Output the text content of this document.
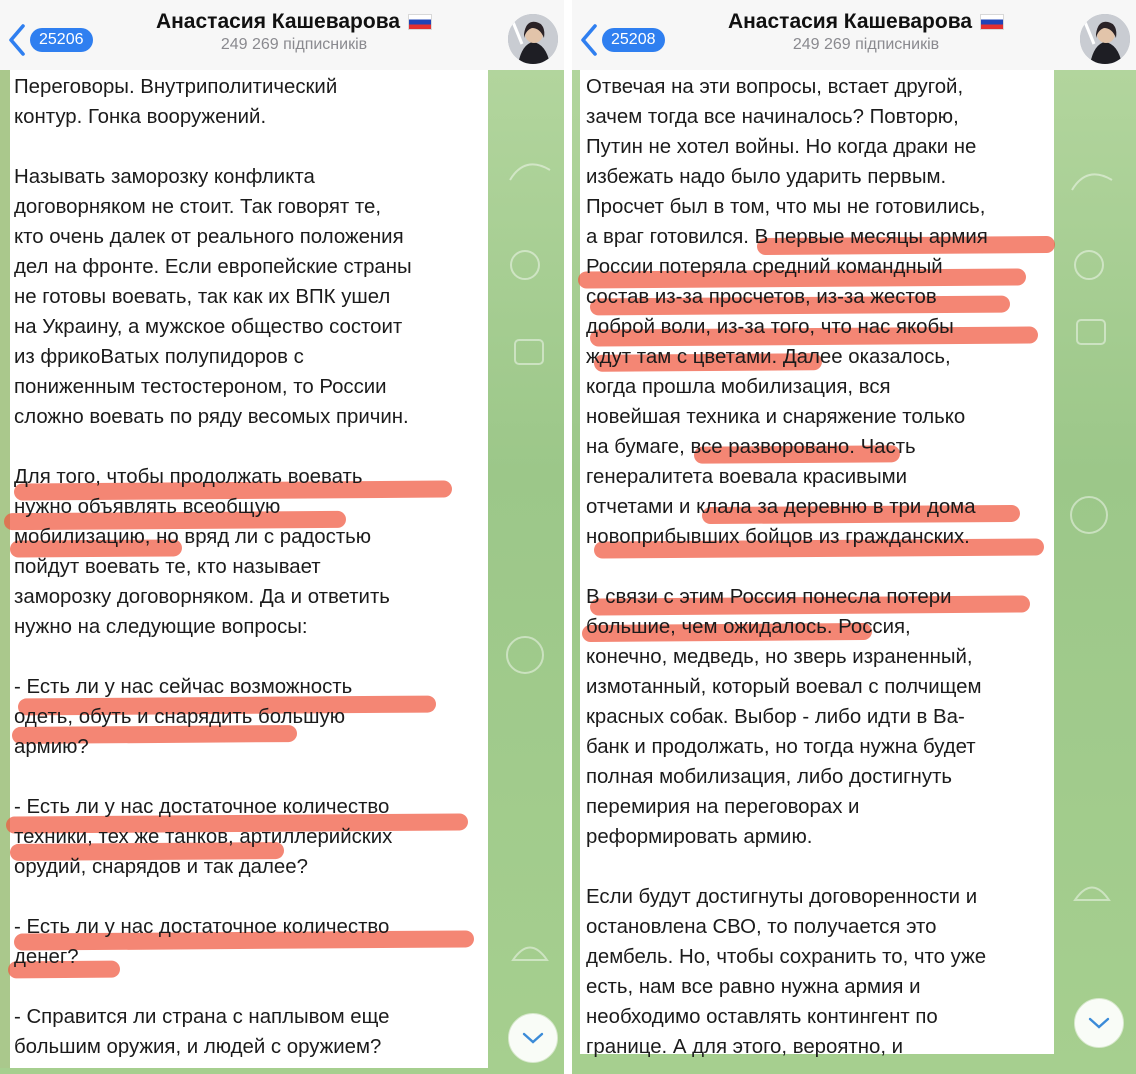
Переговоры. Внутриполитический
контур. Гонка вооружений.
Называть заморозку конфликта
договорняком не стоит. Так говорят те,
кто очень далек от реального положения
дел на фронте. Если европейские страны
не готовы воевать, так как их ВПК ушел
на Украину, а мужское общество состоит
из фрикоВатых полупидоров с
пониженным тестостероном, то России
сложно воевать по ряду весомых причин.
Для того, чтобы продолжать воевать
нужно объявлять всеобщую
мобилизацию, но вряд ли с радостью
пойдут воевать те, кто называет
заморозку договорняком. Да и ответить
нужно на следующие вопросы:
- Есть ли у нас сейчас возможность
одеть, обуть и снарядить большую
армию?
- Есть ли у нас достаточное количество
техники, тех же танков, артиллерийских
орудий, снарядов и так далее?
- Есть ли у нас достаточное количество
денег?
- Справится ли страна с наплывом еще
большим оружия, и людей с оружием?
25206
Анастасия Кашеварова
249 269 підписників
Отвечая на эти вопросы, встает другой,
зачем тогда все начиналось? Повторю,
Путин не хотел войны. Но когда драки не
избежать надо было ударить первым.
Просчет был в том, что мы не готовились,
а враг готовился. В первые месяцы армия
России потеряла средний командный
состав из-за просчетов, из-за жестов
доброй воли, из-за того, что нас якобы
ждут там с цветами. Далее оказалось,
когда прошла мобилизация, вся
новейшая техника и снаряжение только
на бумаге, все разворовано. Часть
генералитета воевала красивыми
отчетами и клала за деревню в три дома
новоприбывших бойцов из гражданских.
В связи с этим Россия понесла потери
большие, чем ожидалось. Россия,
конечно, медведь, но зверь израненный,
измотанный, который воевал с полчищем
красных собак. Выбор - либо идти в Ва-
банк и продолжать, но тогда нужна будет
полная мобилизация, либо достигнуть
перемирия на переговорах и
реформировать армию.
Если будут достигнуты договоренности и
остановлена СВО, то получается это
дембель. Но, чтобы сохранить то, что уже
есть, нам все равно нужна армия и
необходимо оставлять контингент по
границе. А для этого, вероятно, и
25208
Анастасия Кашеварова
249 269 підписників
